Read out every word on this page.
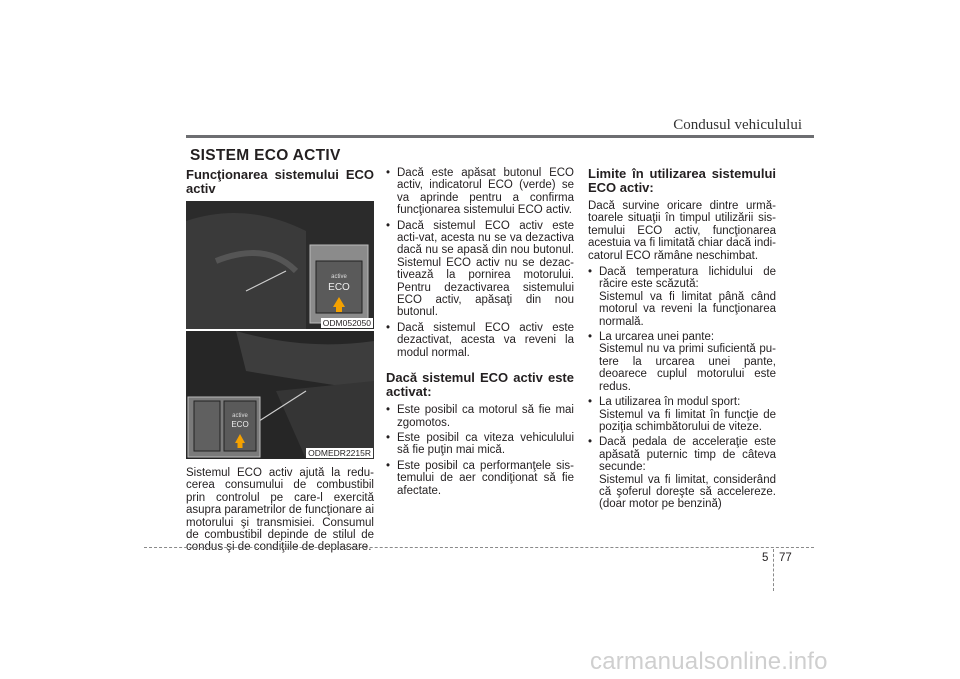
Condusul vehiculului
SISTEM ECO ACTIV
Funcţionarea sistemului ECO activ
active
ECO
ODM052050
active
ECO
ODMEDR2215R

Sistemul ECO activ ajută la redu-cerea consumului de combustibil prin controlul pe care-l exercită asupra parametrilor de funcţionare ai motorului şi transmisiei. Consumul de combustibil depinde de stilul de condus şi de condiţiile de deplasare.

• Dacă este apăsat butonul ECO activ, indicatorul ECO (verde) se va aprinde pentru a confirma funcţionarea sistemului ECO activ.
• Dacă sistemul ECO activ este acti-vat, acesta nu se va dezactiva dacă nu se apasă din nou butonul. Sistemul ECO activ nu se dezac-tivează la pornirea motorului. Pentru dezactivarea sistemului ECO activ, apăsaţi din nou butonul.
• Dacă sistemul ECO activ este dezactivat, acesta va reveni la modul normal.
Dacă sistemul ECO activ este activat:
• Este posibil ca motorul să fie mai zgomotos.
• Este posibil ca viteza vehiculului să fie puţin mai mică.
• Este posibil ca performanţele sis-temului de aer condiţionat să fie afectate.
Limite în utilizarea sistemului ECO activ:

Dacă survine oricare dintre urmă-toarele situaţii în timpul utilizării sis-temului ECO activ, funcţionarea acestuia va fi limitată chiar dacă indi-catorul ECO rămâne neschimbat.

• Dacă temperatura lichidului de răcire este scăzută:
Sistemul va fi limitat până când motorul va reveni la funcţionarea normală.
• La urcarea unei pante:
Sistemul nu va primi suficientă pu-tere la urcarea unei pante, deoarece cuplul motorului este redus.
• La utilizarea în modul sport:
Sistemul va fi limitat în funcţie de poziţia schimbătorului de viteze.
• Dacă pedala de acceleraţie este apăsată puternic timp de câteva secunde:
Sistemul va fi limitat, considerând că şoferul doreşte să accelereze. (doar motor pe benzină)
5 77
carmanualsonline.info
